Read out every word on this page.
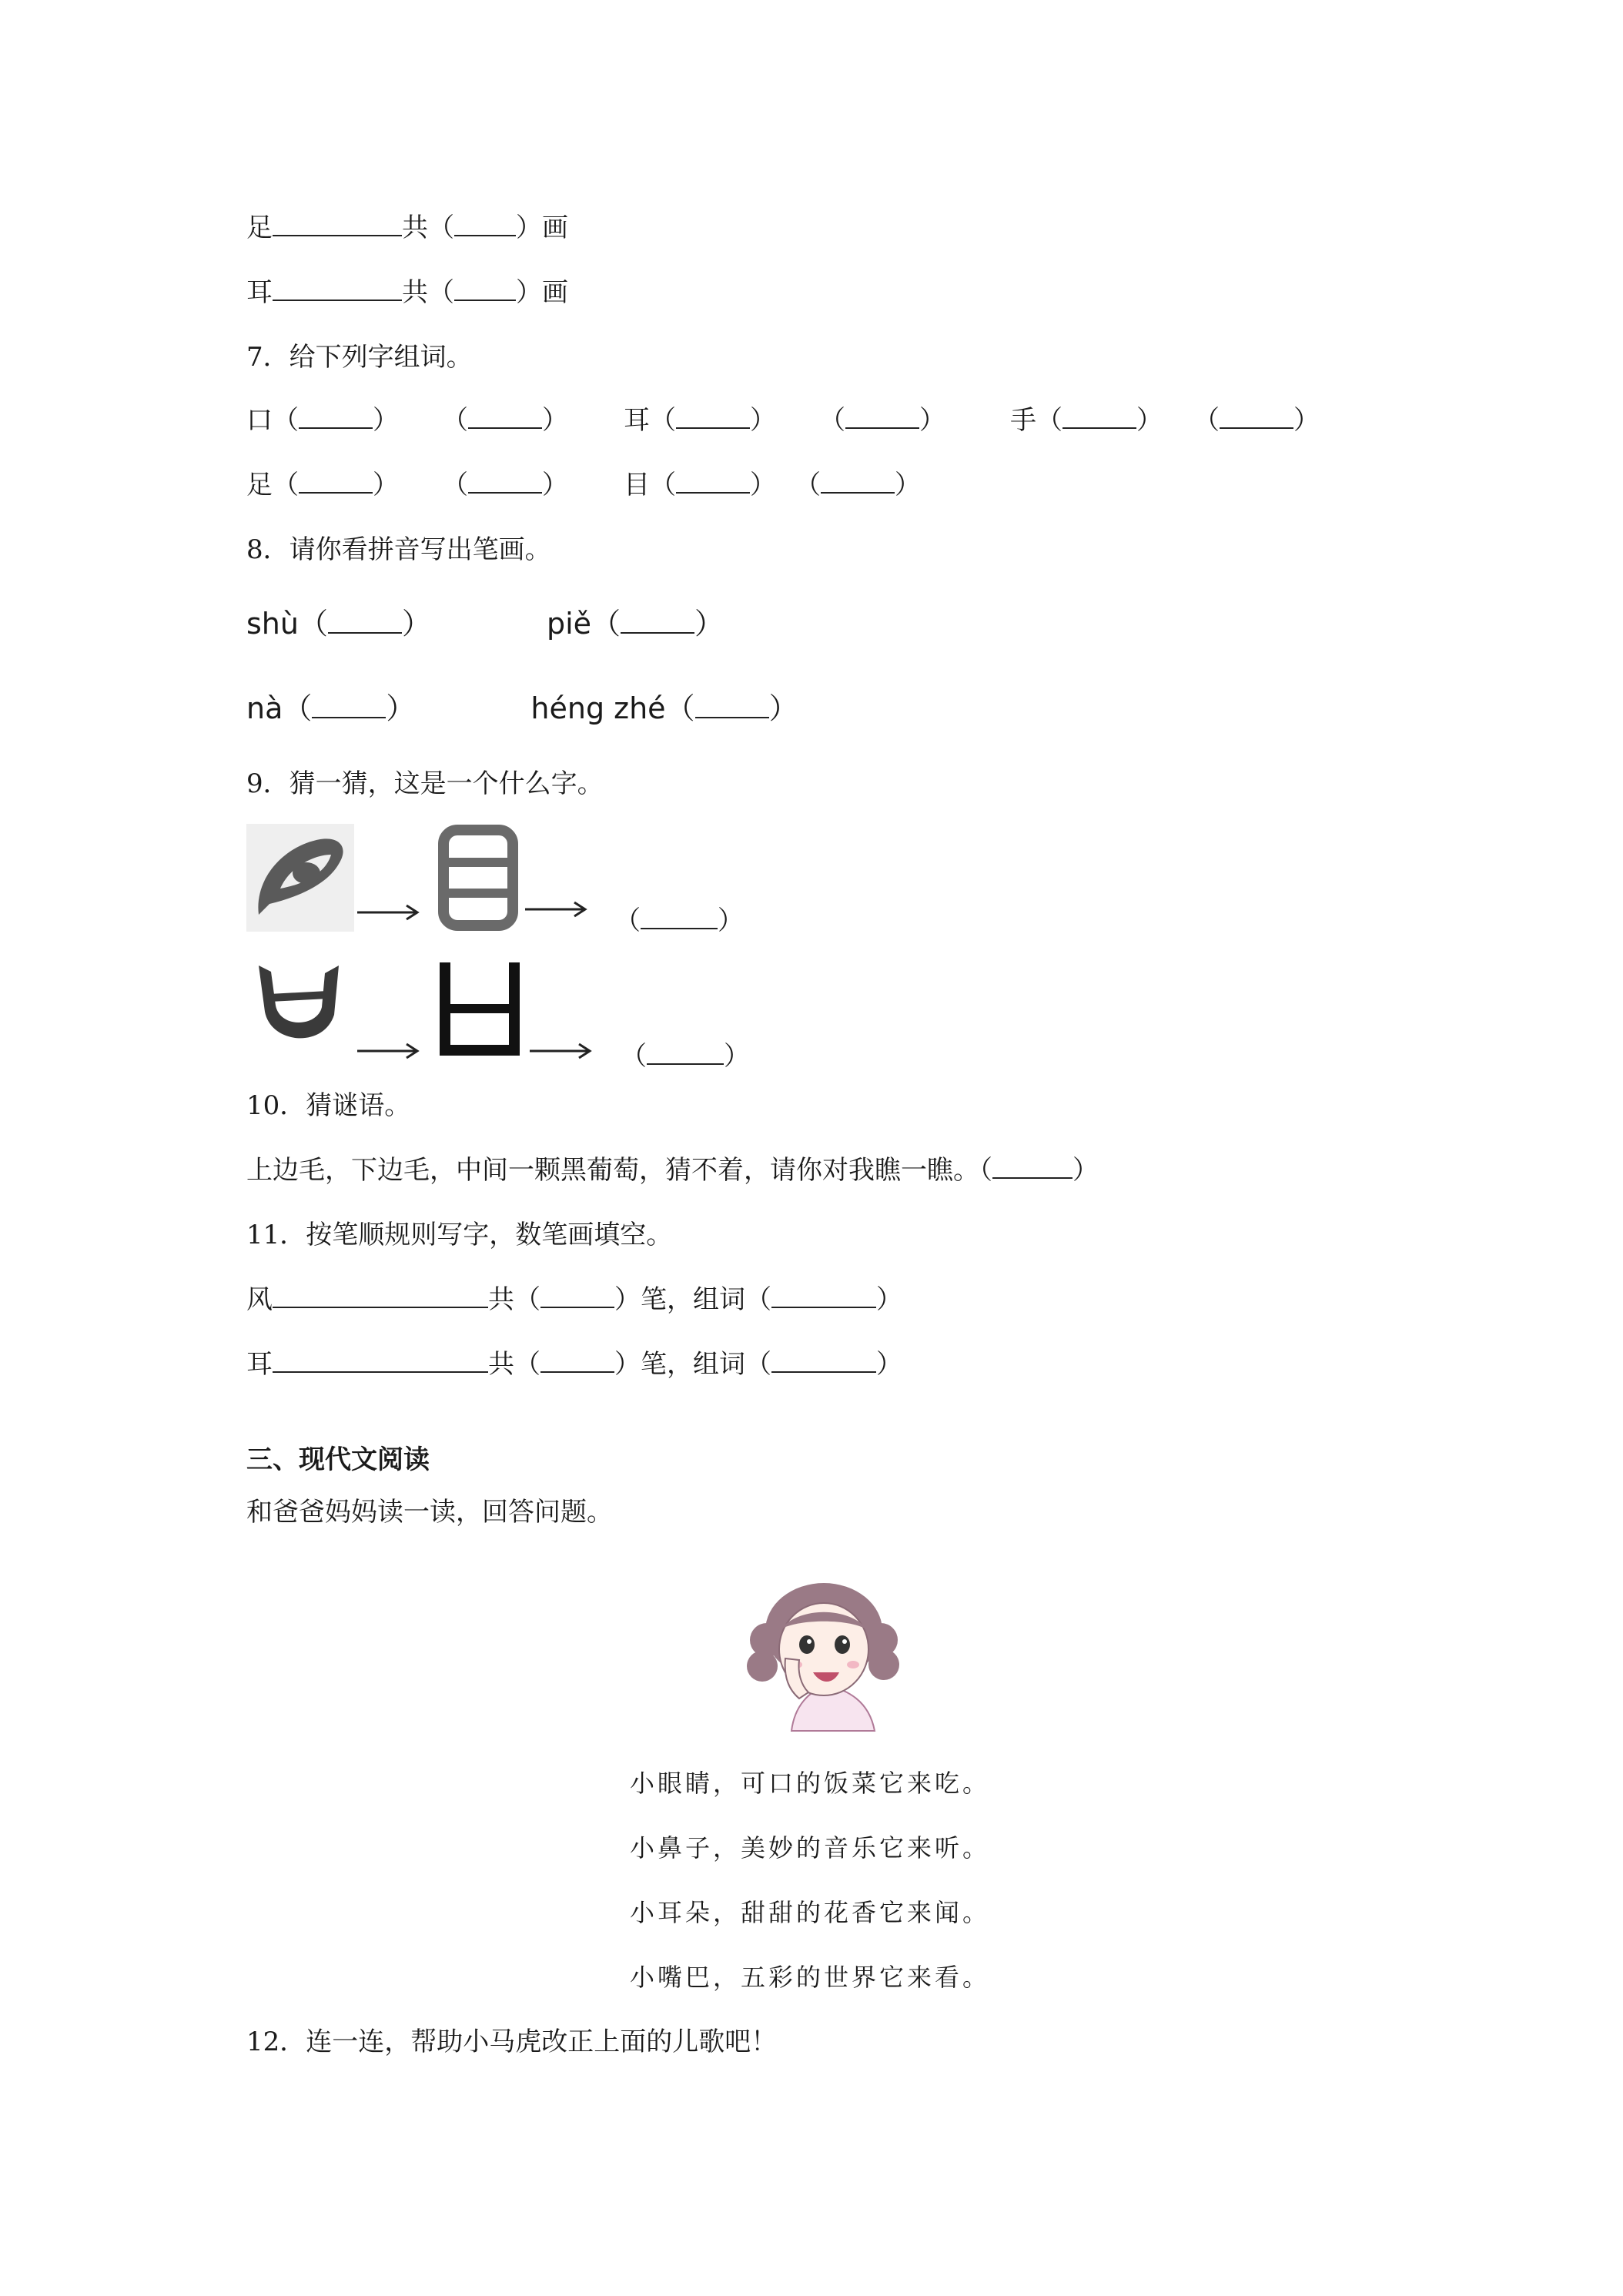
足	共（ ）画
耳	共（ ）画
7．给下列字组词。
口（	） （	） 耳（	） （	） 手（	） （	）
足（	） （	） 目（	） （	）
8．请你看拼音写出笔画。
shù（	）	piě（	）
nà（	）	héng zhé（	）
9．猜一猜，这是一个什么字。
（	）
（	）
10．猜谜语。
上边毛，下边毛，中间一颗黑葡萄，猜不着，请你对我瞧一瞧。（	）
11．按笔顺规则写字，数笔画填空。
风	共（	）笔，组词（	）
耳	共（	）笔，组词（	）
三、现代文阅读
和爸爸妈妈读一读，回答问题。
小眼睛，可口的饭菜它来吃。
小鼻子，美妙的音乐它来听。
小耳朵，甜甜的花香它来闻。
小嘴巴，五彩的世界它来看。
12．连一连，帮助小马虎改正上面的儿歌吧！
